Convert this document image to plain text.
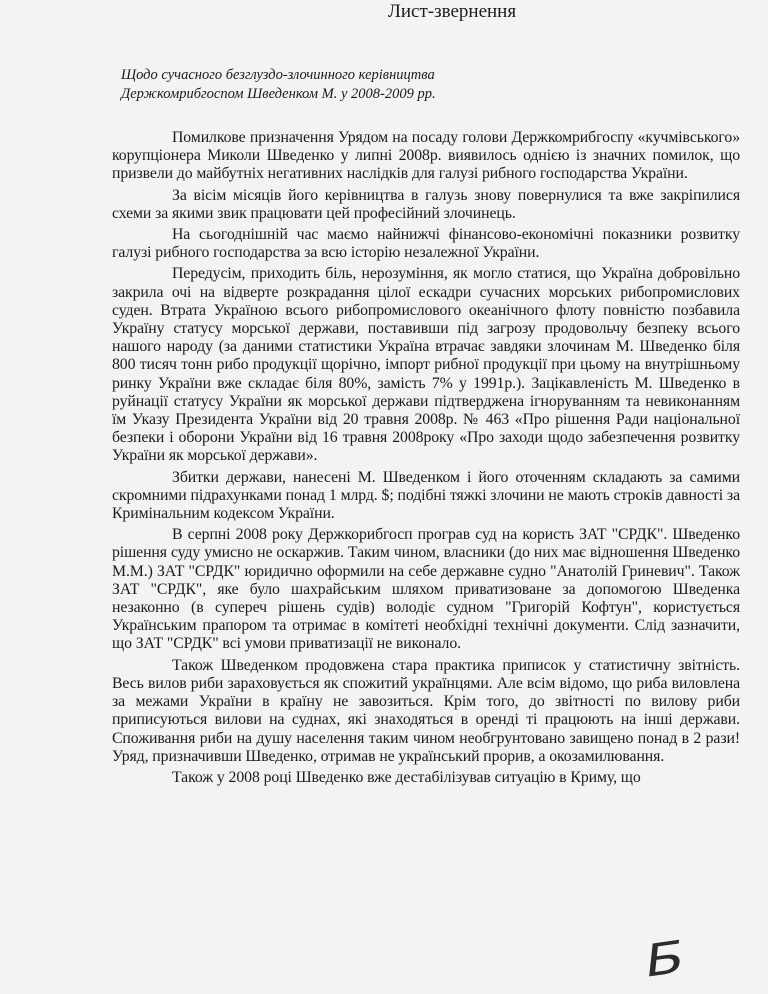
Лист-звернення
Щодо сучасного безглуздо-злочинного керівництва Держкомрибгоспом Шведенком М. у 2008-2009 рр.

Помилкове призначення Урядом на посаду голови Держкомрибгоспу «кучмівського» корупціонера Миколи Шведенко у липні 2008р. виявилось однією із значних помилок, що призвели до майбутніх негативних наслідків для галузі рибного господарства України.

За вісім місяців його керівництва в галузь знову повернулися та вже закріпилися схеми за якими звик працювати цей професійний злочинець.

На сьогоднішній час маємо найнижчі фінансово-економічні показники розвитку галузі рибного господарства за всю історію незалежної України.

Передусім, приходить біль, нерозуміння, як могло статися, що Україна добровільно закрила очі на відверте розкрадання цілої ескадри сучасних морських рибопромислових суден. Втрата Україною всього рибопромислового океанічного флоту повністю позбавила Україну статусу морської держави, поставивши під загрозу продовольчу безпеку всього нашого народу (за даними статистики Україна втрачає завдяки злочинам М. Шведенко біля 800 тисяч тонн рибо продукції щорічно, імпорт рибної продукції при цьому на внутрішньому ринку України вже складає біля 80%, замість 7% у 1991р.). Зацікавленість М. Шведенко в руйнації статусу України як морської держави підтверджена ігноруванням та невиконанням їм Указу Президента України від 20 травня 2008р. № 463 «Про рішення Ради національної безпеки і оборони України від 16 травня 2008року «Про заходи щодо забезпечення розвитку України як морської держави».

Збитки держави, нанесені М. Шведенком і його оточенням складають за самими скромними підрахунками понад 1 млрд. $; подібні тяжкі злочини не мають строків давності за Кримінальним кодексом України.

В серпні 2008 року Держкорибгосп програв суд на користь ЗАТ "СРДК". Шведенко рішення суду умисно не оскаржив. Таким чином, власники (до них має відношення Шведенко М.М.) ЗАТ "СРДК" юридично оформили на себе державне судно "Анатолій Гриневич". Також ЗАТ "СРДК", яке було шахрайським шляхом приватизоване за допомогою Шведенка незаконно (в супереч рішень судів) володіє судном "Григорій Кофтун", користується Українським прапором та отримає в комітеті необхідні технічні документи. Слід зазначити, що ЗАТ "СРДК" всі умови приватизації не виконало.

Також Шведенком продовжена стара практика приписок у статистичну звітність. Весь вилов риби зараховується як спожитий українцями. Але всім відомо, що риба виловлена за межами України в країну не завозиться. Крім того, до звітності по вилову риби приписуються вилови на суднах, які знаходяться в оренді ті працюють на інші держави. Споживання риби на душу населення таким чином необгрунтовано завищено понад в 2 рази! Уряд, призначивши Шведенко, отримав не український прорив, а окозамилювання.

Також у 2008 році Шведенко вже дестабілізував ситуацію в Криму, що

Б
